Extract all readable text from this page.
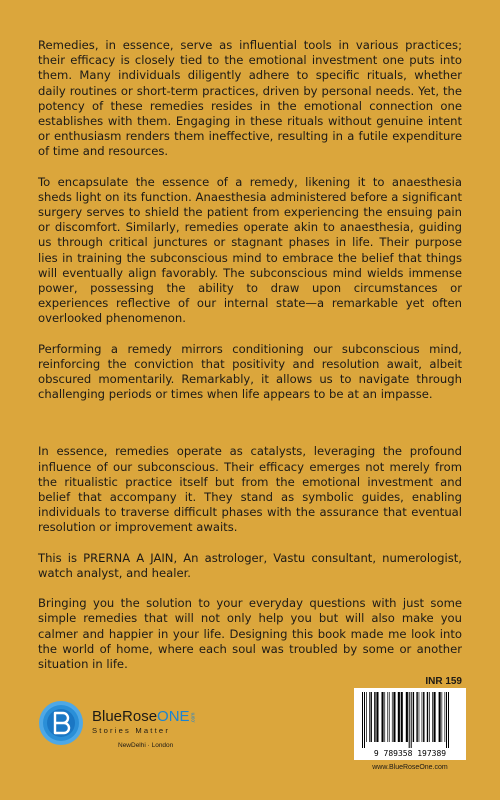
Remedies, in essence, serve as influential tools in various practices; their efficacy is closely tied to the emotional investment one puts into them. Many individuals diligently adhere to specific rituals, whether daily routines or short-term practices, driven by personal needs. Yet, the potency of these remedies resides in the emotional connection one establishes with them. Engaging in these rituals without genuine intent or enthusiasm renders them ineffective, resulting in a futile expenditure of time and resources.

To encapsulate the essence of a remedy, likening it to anaesthesia sheds light on its function. Anaesthesia administered before a significant surgery serves to shield the patient from experiencing the ensuing pain or discomfort. Similarly, remedies operate akin to anaesthesia, guiding us through critical junctures or stagnant phases in life. Their purpose lies in training the subconscious mind to embrace the belief that things will eventually align favorably. The subconscious mind wields immense power, possessing the ability to draw upon circumstances or experiences reflective of our internal state—a remarkable yet often overlooked phenomenon.

Performing a remedy mirrors conditioning our subconscious mind, reinforcing the conviction that positivity and resolution await, albeit obscured momentarily. Remarkably, it allows us to navigate through challenging periods or times when life appears to be at an impasse.

In essence, remedies operate as catalysts, leveraging the profound influence of our subconscious. Their efficacy emerges not merely from the ritualistic practice itself but from the emotional investment and belief that accompany it. They stand as symbolic guides, enabling individuals to traverse difficult phases with the assurance that eventual resolution or improvement awaits.

This is PRERNA A JAIN, An astrologer, Vastu consultant, numerologist, watch analyst, and healer.

Bringing you the solution to your everyday questions with just some simple remedies that will not only help you but will also make you calmer and happier in your life. Designing this book made me look into the world of home, where each soul was troubled by some or another situation in life.

BlueRoseONE.com
Stories Matter
NewDelhi · London
INR 159
9 789358 197389
www.BlueRoseOne.com
